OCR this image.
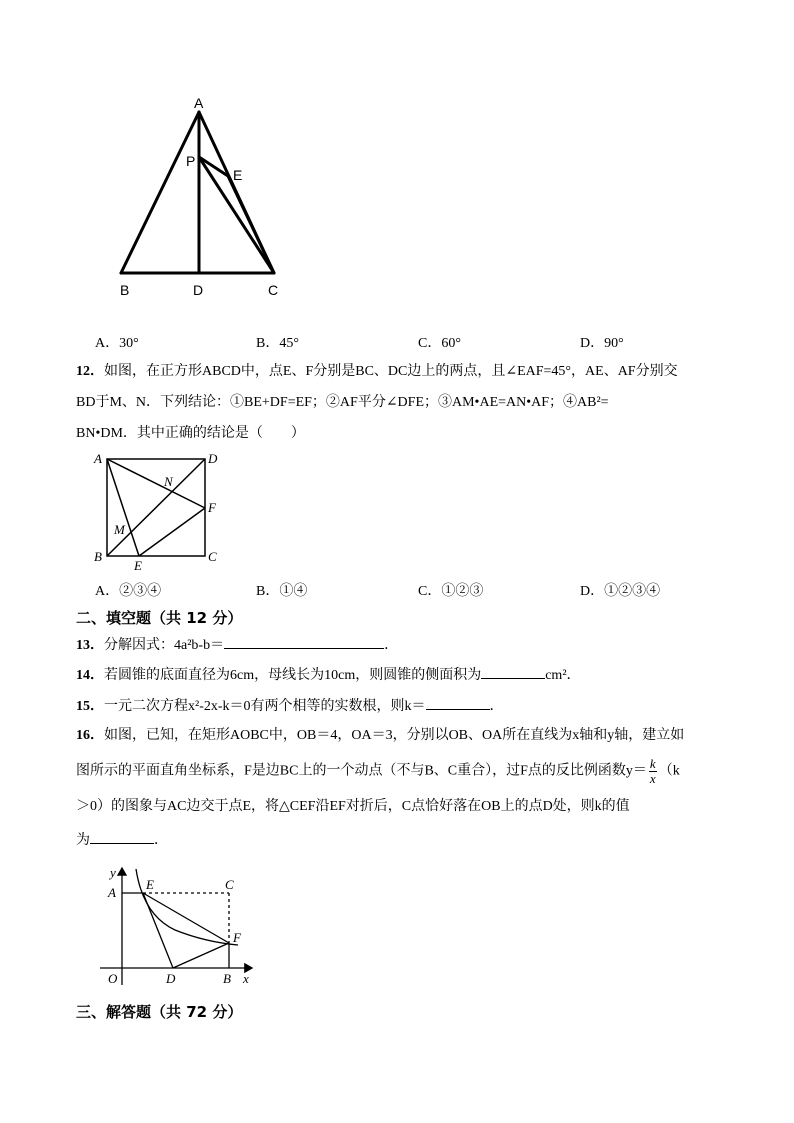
A
P
E
B	D	C
A．30°	B．45°	C．60°	D．90°
12．如图，在正方形ABCD中，点E、F分别是BC、DC边上的两点，且∠EAF=45°，AE、AF分别交
BD于M、N．下列结论：①BE+DF=EF；②AF平分∠DFE；③AM•AE=AN•AF；④AB²=
BN•DM．其中正确的结论是（　　）
A	D
N
F
M
B
E
C
A．②③④	B．①④	C．①②③	D．①②③④
二、填空题（共 12 分）
13．分解因式：4a²b-b＝	．
14．若圆锥的底面直径为6cm，母线长为10cm，则圆锥的侧面积为	cm²．
15．一元二次方程x²-2x-k＝0有两个相等的实数根，则k＝	．
16．如图，已知，在矩形AOBC中，OB＝4，OA＝3，分别以OB、OA所在直线为x轴和y轴，建立如
图所示的平面直角坐标系，F是边BC上的一个动点（不与B、C重合），过F点的反比例函数$y= \frac{k}{x} (k$
＞0）的图象与AC边交于点E，将△CEF沿EF对折后，C点恰好落在OB上的点D处，则k的值
为	．
y
A
E	C
F
O	D	B x
三、解答题（共 72 分）
